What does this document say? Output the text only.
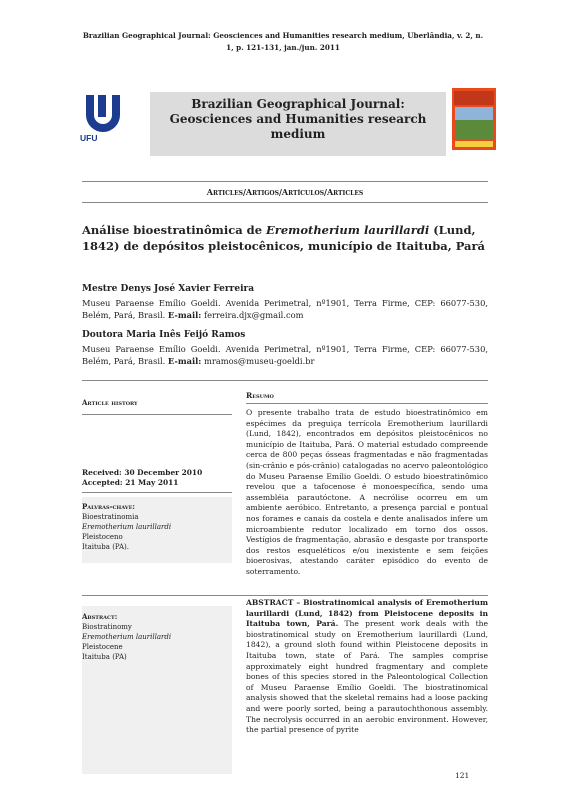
Brazilian Geographical Journal: Geosciences and Humanities research medium, Uberlândia, v. 2, n.
1, p. 121-131, jan./jun. 2011
UFU
Brazilian Geographical Journal: Geosciences and Humanities research medium
Articles/Artigos/Artículos/Articles
Análise bioestratinômica de Eremotherium laurillardi (Lund, 1842) de depósitos pleistocênicos, município de Itaituba, Pará
Mestre Denys José Xavier Ferreira
Museu Paraense Emílio Goeldi. Avenida Perimetral, nº1901, Terra Firme, CEP: 66077-530, Belém, Pará, Brasil. E-mail: ferreira.djx@gmail.com
Doutora Maria Inês Feijó Ramos
Museu Paraense Emílio Goeldi. Avenida Perimetral, nº1901, Terra Firme, CEP: 66077-530, Belém, Pará, Brasil. E-mail: mramos@museu-goeldi.br
Article history
Received: 30 December 2010
Accepted: 21 May 2011
Palvras-chave:
Bioestratinomia
Eremotherium laurillardi
Pleistoceno
Itaituba (PA).
Resumo
O presente trabalho trata de estudo bioestratinômico em espécimes da preguiça terrícola Eremotherium laurillardi (Lund, 1842), encontrados em depósitos pleistocênicos no município de Itaituba, Pará. O material estudado compreende cerca de 800 peças ósseas fragmentadas e não fragmentadas (sin-crânio e pós-crânio) catalogadas no acervo paleontológico do Museu Paraense Emílio Goeldi. O estudo bioestratinômico revelou que a tafocenose é monoespecífica, sendo uma assembléia parautóctone. A necrólise ocorreu em um ambiente aeróbico. Entretanto, a presença parcial e pontual nos forames e canais da costela e dente analisados infere um microambiente redutor localizado em torno dos ossos. Vestígios de fragmentação, abrasão e desgaste por transporte dos restos esqueléticos e/ou inexistente e sem feições bioerosivas, atestando caráter episódico do evento de soterramento.
Abstract:
Biostratinomy
Eremotherium laurillardi
Pleistocene
Itaituba (PA)
ABSTRACT – Biostratinomical analysis of Eremotherium laurillardi (Lund, 1842) from Pleistocene deposits in Itaituba town, Pará. The present work deals with the biostratinomical study on Eremotherium laurillardi (Lund, 1842), a ground sloth found within Pleistocene deposits in Itaituba town, state of Pará. The samples comprise approximately eight hundred fragmentary and complete bones of this species stored in the Paleontological Collection of Museu Paraense Emílio Goeldi. The biostratinomical analysis showed that the skeletal remains had a loose packing and were poorly sorted, being a parautochthonous assembly. The necrolysis occurred in an aerobic environment. However, the partial presence of pyrite
121
